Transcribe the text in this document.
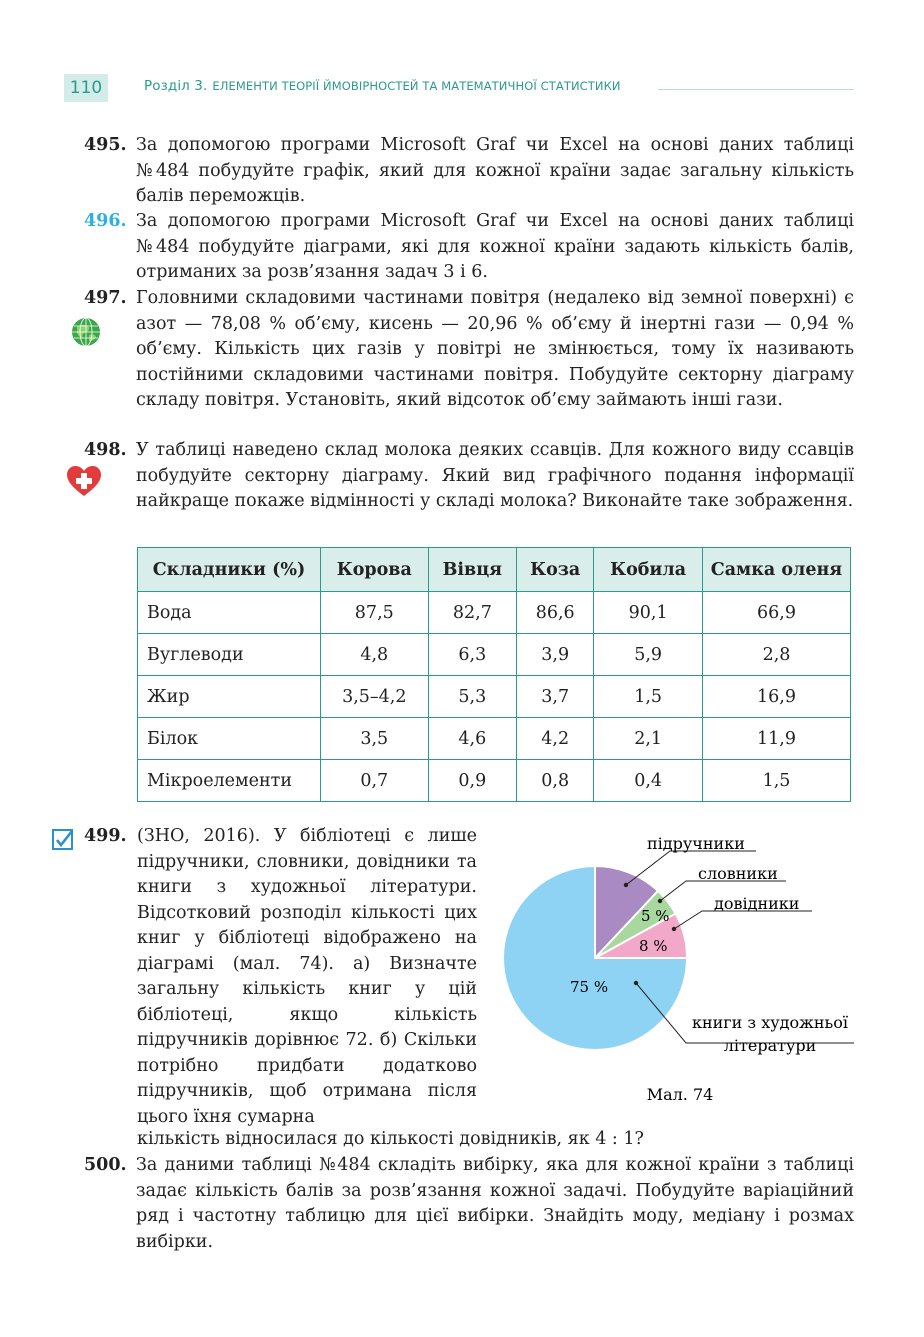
110	Розділ 3. ЕЛЕМЕНТИ ТЕОРІЇ ЙМОВІРНОСТЕЙ ТА МАТЕМАТИЧНОЇ СТАТИСТИКИ
495. За допомогою програми Microsoft Graf чи Excel на основі даних таблиці №484 побудуйте графік, який для кожної країни задає загальну кількість балів переможців.
496. За допомогою програми Microsoft Graf чи Excel на основі даних таблиці №484 побудуйте діаграми, які для кожної країни задають кількість балів, отриманих за розв’язання задач 3 і 6.
497. Головними складовими частинами повітря (недалеко від земної поверхні) є азот — 78,08 % об’єму, кисень — 20,96 % об’єму й інертні гази — 0,94 % об’єму. Кількість цих газів у повітрі не змінюється, тому їх називають постійними складовими частинами повітря. Побудуйте секторну діаграму складу повітря. Установіть, який відсоток об’єму займають інші гази.
498. У таблиці наведено склад молока деяких ссавців. Для кожного виду ссавців побудуйте секторну діаграму. Який вид графічного подання інформації найкраще покаже відмінності у складі молока? Виконайте таке зображення.
Складники (%)	Корова	Вівця	Коза	Кобила	Самка оленя
Вода	87,5	82,7	86,6	90,1	66,9
Вуглеводи	4,8	6,3	3,9	5,9	2,8
Жир	3,5–4,2	5,3	3,7	1,5	16,9
Білок	3,5	4,6	4,2	2,1	11,9
Мікроелементи	0,7	0,9	0,8	0,4	1,5
499. (ЗНО, 2016). У бібліотеці є лише підручники, словники, довідники та книги з художньої літератури. Відсотковий розподіл кількості цих книг у бібліотеці відображено на діаграмі (мал. 74). а) Визначте загальну кількість книг у цій бібліотеці, якщо кількість підручників дорівнює 72. б) Скільки потрібно придбати додатково підручників, щоб отримана після цього їхня сумарна
кількість відносилася до кількості довідників, як 4 : 1?
підручники
словники
довідники
книги з художньої
літератури
5 %
8 %
75 %
Мал. 74
500. За даними таблиці №484 складіть вибірку, яка для кожної країни з таблиці задає кількість балів за розв’язання кожної задачі. Побудуйте варіаційний ряд і частотну таблицю для цієї вибірки. Знайдіть моду, медіану і розмах вибірки.
